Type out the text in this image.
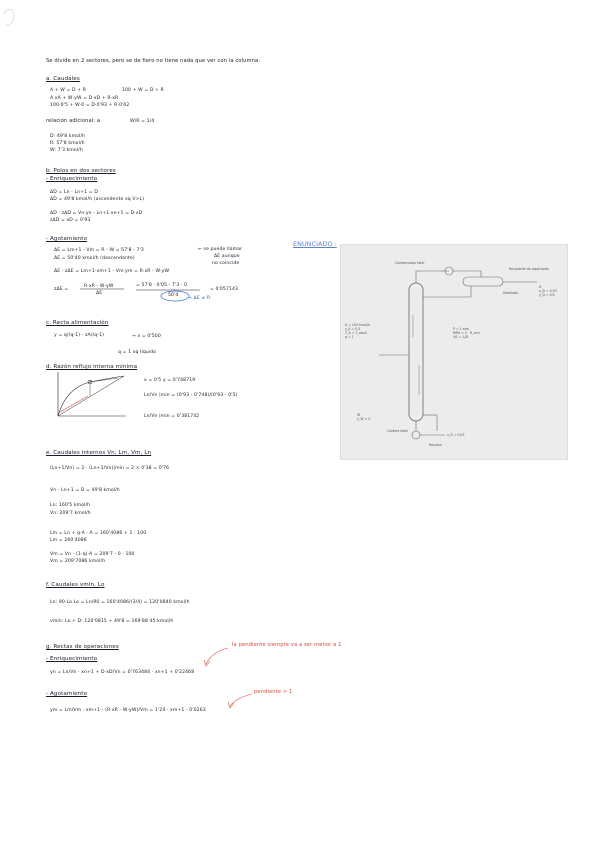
Se divide en 2 sectores, pero se de fiero no tiene nada que ver con la columna.
a. Caudales
A + W = D + R	100 + W = D + R
A xA + W·yW = D·xD + R·xR
100·0'5 + W·0 = D·0'93 + R·0'02
relación adicional: a	W/R = 1/4
D: 49'8 kmol/h
R: 57'8 kmol/h
W: 7'3 kmol/h
b. Polos en dos sectores
- Enriquecimiento
ΔD = Ln - Ln+1 = D
ΔD = 49'8 kmol/h (ascendente xq V>L)
ΔD · zΔD = Vn·yn - Ln+1·xn+1 = D·xD
zΔD = xD = 0'93
- Agotamiento
ΔE = Lm+1 - Vm = R - W = 57'8 - 7'3
ΔE = 50'40 kmol/h (descendente)
← se puede llamar
ΔE aunque
no coincide
ΔE · zΔE = Lm+1·xm+1 - Vm·ym = R·xR - W·yW
zΔE =
R·xR - W·yW
ΔE
= 57'8 · 0'05 - 7'3 · 0
50'4
= 0'057143
→ ΔE ≠ R
c. Recta alimentación
y = q/(q-1) - zA/(q-1)	→ x = 0'500
q = 1 xq líquido
d. Razón reflujo interna mínima
x = 0'5 y = 0'748719
Ln/Vn |min = (0'93 - 0'748)/(0'93 - 0'5)
Ln/Vn |min = 0'381742
e. Caudales internos Vn, Lm, Vm, Ln
(Ln+1/Vn) = 2 · (Ln+1/Vn)|min = 2 × 0'38 = 0'76
Vn - Ln+1 = D = 49'8 kmol/h
Ln: 160'5 kmol/h
Vn: 209'7 kmol/h
Lm = Ln + q·A · A = 160'4086 + 1 · 100
Lm = 260'4086
Vm = Vn - (1-q)·A = 209'7 - 0 · 100
Vm = 209'7086 kmol/h
f. Caudales vmin, Lo
Ln: 90·Lo Lo = Ln/90 = 160'4086/(3/4) = 120'0840 kmol/h
vmin: Lo + D: 120'0815 + 49'8 = 169'88 45 kmol/h
g. Rectas de operaciones	la pendiente siempre va a ser menor a 1
- Enriquecimiento
yn = Ln/Vn · xn+1 + D·xD/Vn = 0'763484 · xn+1 + 0'22468
- Agotamiento	pendiente > 1
ym = Lm/Vm · xm+1 - (R·xR - W·yW)/Vm = 1'24 · xm+1 - 0'0263
ENUNCIADO :
Condensador total
Recipiente de separación
Destilado
D
x_D = 0,93
y_D = 4/3
A = 100 kmol/h
z_A = 0,5
T_A = T_ebull
q = 1
P = 1 atm
RRM = 2 · R_min
V/L = L/D
Caldera total
Residuo
x_R = 0,05
W
y_W = 0
